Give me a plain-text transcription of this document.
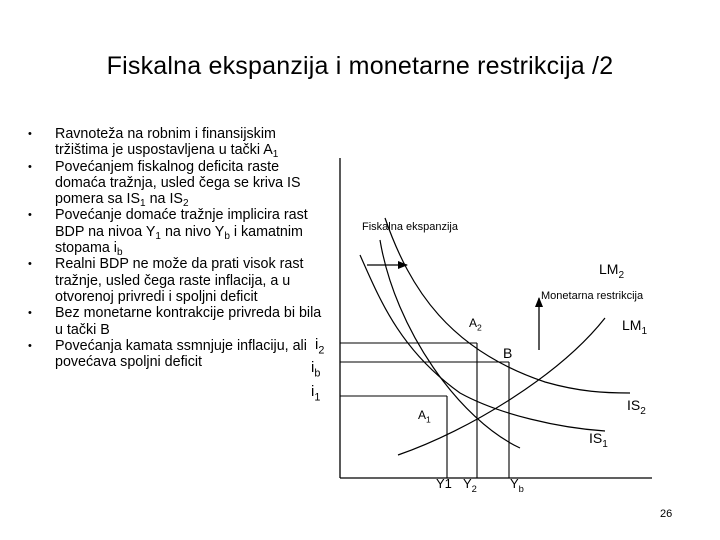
Fiskalna ekspanzija i monetarne restrikcija /2
• Ravnoteža na robnim i finansijskim tržištima je uspostavljena u tački $A_1$
• Povećanjem fiskalnog deficita raste domaća tražnja, usled čega se kriva IS pomera sa $IS_1$ na $IS_2$
• Povećanje domaće tražnje implicira rast BDP na nivoa $Y_1$ na nivo $Y_b$ i kamatnim stopama $i_b$
• Realni BDP ne može da prati visok rast tražnje, usled čega raste inflacija, a u otvorenoj privredi i spoljni deficit
• Bez monetarne kontrakcije privreda bi bila u tački B
• Povećanja kamata ssmnjuje inflaciju, ali povećava spoljni deficit
Fiskalna ekspanzija
Monetarna restrikcija
$LM_2$
$LM_1$
$IS_2$
$IS_1$
$A_2$
B
$A_1$
$i_2$
$i_b$
$i_1$
Y1 $Y_2$	$Y_b$
26
